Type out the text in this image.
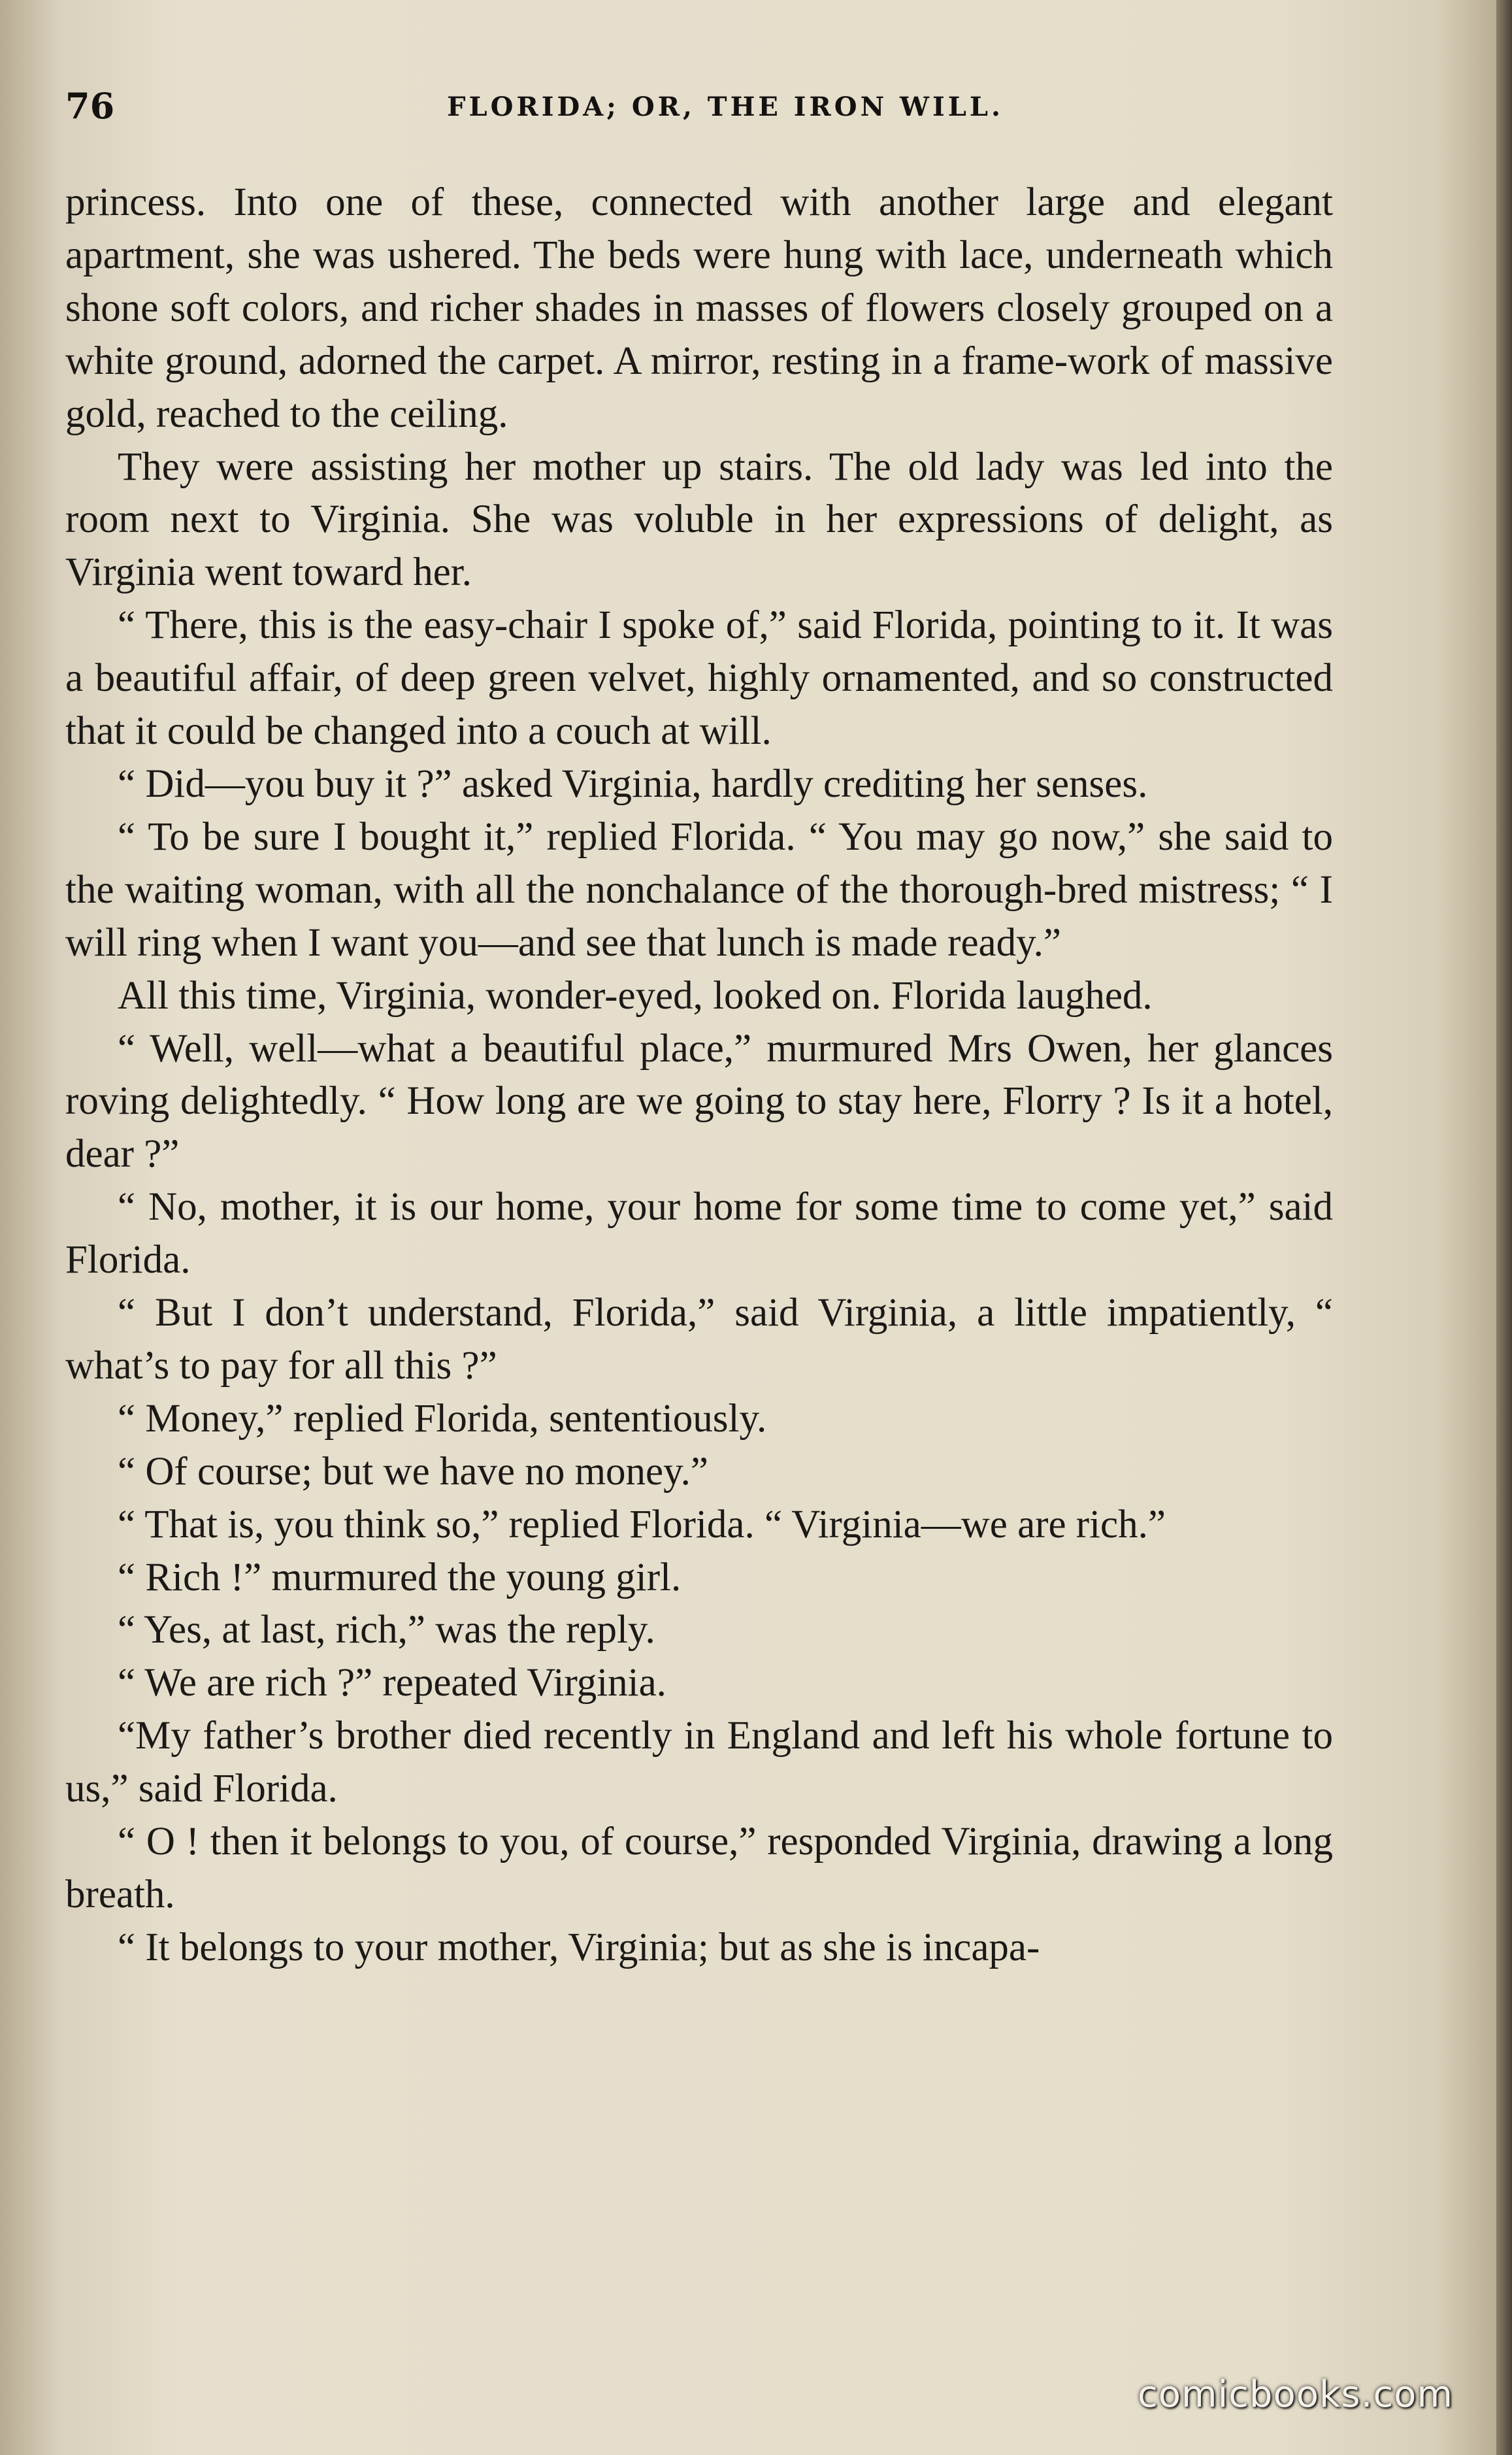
76	FLORIDA; OR, THE IRON WILL.

princess. Into one of these, connected with another large and elegant apartment, she was ushered. The beds were hung with lace, underneath which shone soft colors, and richer shades in masses of flowers closely grouped on a white ground, adorned the carpet. A mirror, resting in a frame-work of massive gold, reached to the ceiling.

They were assisting her mother up stairs. The old lady was led into the room next to Virginia. She was voluble in her expressions of delight, as Virginia went toward her.

“ There, this is the easy-chair I spoke of,” said Florida, pointing to it. It was a beautiful affair, of deep green velvet, highly ornamented, and so constructed that it could be changed into a couch at will.

“ Did—you buy it ?” asked Virginia, hardly crediting her senses.

“ To be sure I bought it,” replied Florida. “ You may go now,” she said to the waiting woman, with all the nonchalance of the thorough-bred mistress; “ I will ring when I want you—and see that lunch is made ready.”

All this time, Virginia, wonder-eyed, looked on. Florida laughed.

“ Well, well—what a beautiful place,” murmured Mrs Owen, her glances roving delightedly. “ How long are we going to stay here, Florry ? Is it a hotel, dear ?”

“ No, mother, it is our home, your home for some time to come yet,” said Florida.

“ But I don’t understand, Florida,” said Virginia, a little impatiently, “ what’s to pay for all this ?”

“ Money,” replied Florida, sententiously.

“ Of course; but we have no money.”

“ That is, you think so,” replied Florida. “ Virginia—we are rich.”

“ Rich !” murmured the young girl.

“ Yes, at last, rich,” was the reply.

“ We are rich ?” repeated Virginia.

“My father’s brother died recently in England and left his whole fortune to us,” said Florida.

“ O ! then it belongs to you, of course,” responded Virginia, drawing a long breath.

“ It belongs to your mother, Virginia; but as she is incapa-

comicbooks.com
